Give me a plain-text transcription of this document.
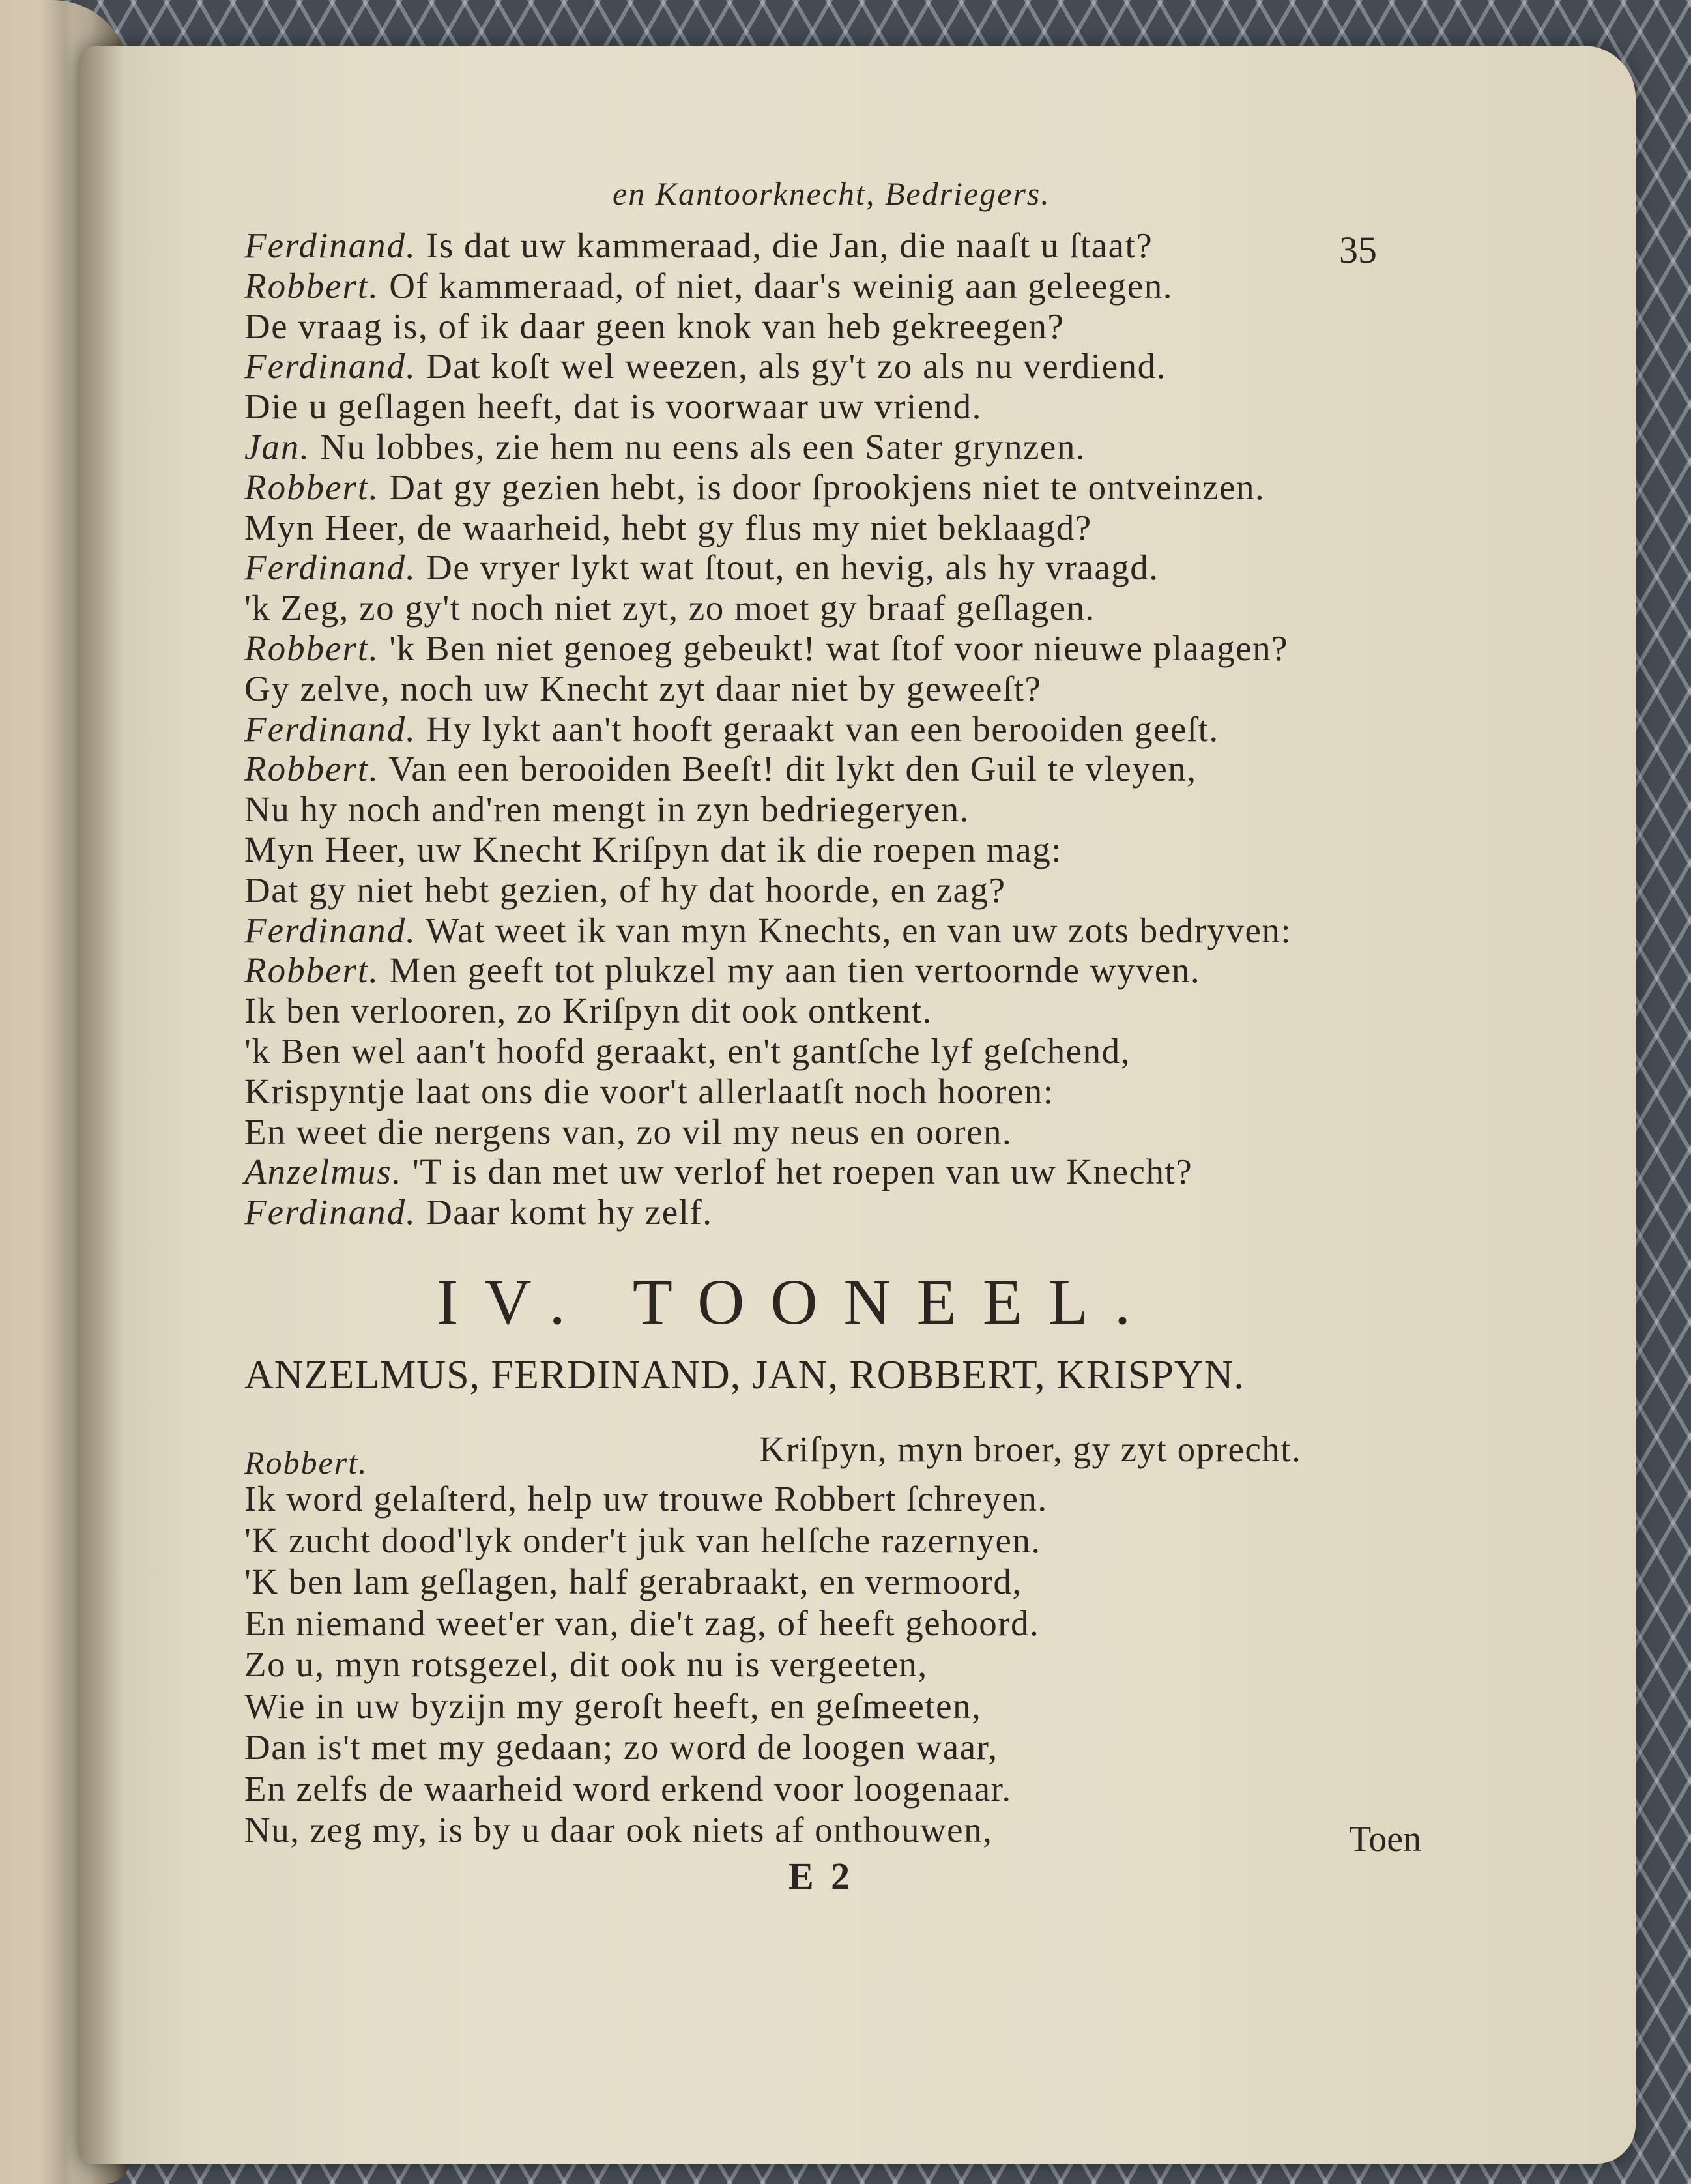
en Kantoorknecht, Bedriegers.
35
Ferdinand. Is dat uw kammeraad, die Jan, die naaſt u ſtaat?
Robbert. Of kammeraad, of niet, daar's weinig aan geleegen.
De vraag is, of ik daar geen knok van heb gekreegen?
Ferdinand. Dat koſt wel weezen, als gy't zo als nu verdiend.
Die u geſlagen heeft, dat is voorwaar uw vriend.
Jan. Nu lobbes, zie hem nu eens als een Sater grynzen.
Robbert. Dat gy gezien hebt, is door ſprookjens niet te ontveinzen.
Myn Heer, de waarheid, hebt gy flus my niet beklaagd?
Ferdinand. De vryer lykt wat ſtout, en hevig, als hy vraagd.
'k Zeg, zo gy't noch niet zyt, zo moet gy braaf geſlagen.
Robbert. 'k Ben niet genoeg gebeukt! wat ſtof voor nieuwe plaagen?
Gy zelve, noch uw Knecht zyt daar niet by geweeſt?
Ferdinand. Hy lykt aan't hooft geraakt van een berooiden geeſt.
Robbert. Van een berooiden Beeſt! dit lykt den Guil te vleyen,
Nu hy noch and'ren mengt in zyn bedriegeryen.
Myn Heer, uw Knecht Kriſpyn dat ik die roepen mag:
Dat gy niet hebt gezien, of hy dat hoorde, en zag?
Ferdinand. Wat weet ik van myn Knechts, en van uw zots bedryven:
Robbert. Men geeft tot plukzel my aan tien vertoornde wyven.
Ik ben verlooren, zo Kriſpyn dit ook ontkent.
'k Ben wel aan't hoofd geraakt, en't gantſche lyf geſchend,
Krispyntje laat ons die voor't allerlaatſt noch hooren:
En weet die nergens van, zo vil my neus en ooren.
Anzelmus. 'T is dan met uw verlof het roepen van uw Knecht?
Ferdinand. Daar komt hy zelf.
IV. TOONEEL.
ANZELMUS, FERDINAND, JAN, ROBBERT, KRISPYN.
Robbert.	Kriſpyn, myn broer, gy zyt oprecht.
Ik word gelaſterd, help uw trouwe Robbert ſchreyen.
'K zucht dood'lyk onder't juk van helſche razernyen.
'K ben lam geſlagen, half gerabraakt, en vermoord,
En niemand weet'er van, die't zag, of heeft gehoord.
Zo u, myn rotsgezel, dit ook nu is vergeeten,
Wie in uw byzijn my geroſt heeft, en geſmeeten,
Dan is't met my gedaan; zo word de loogen waar,
En zelfs de waarheid word erkend voor loogenaar.
Nu, zeg my, is by u daar ook niets af onthouwen,
E 2
Toen
